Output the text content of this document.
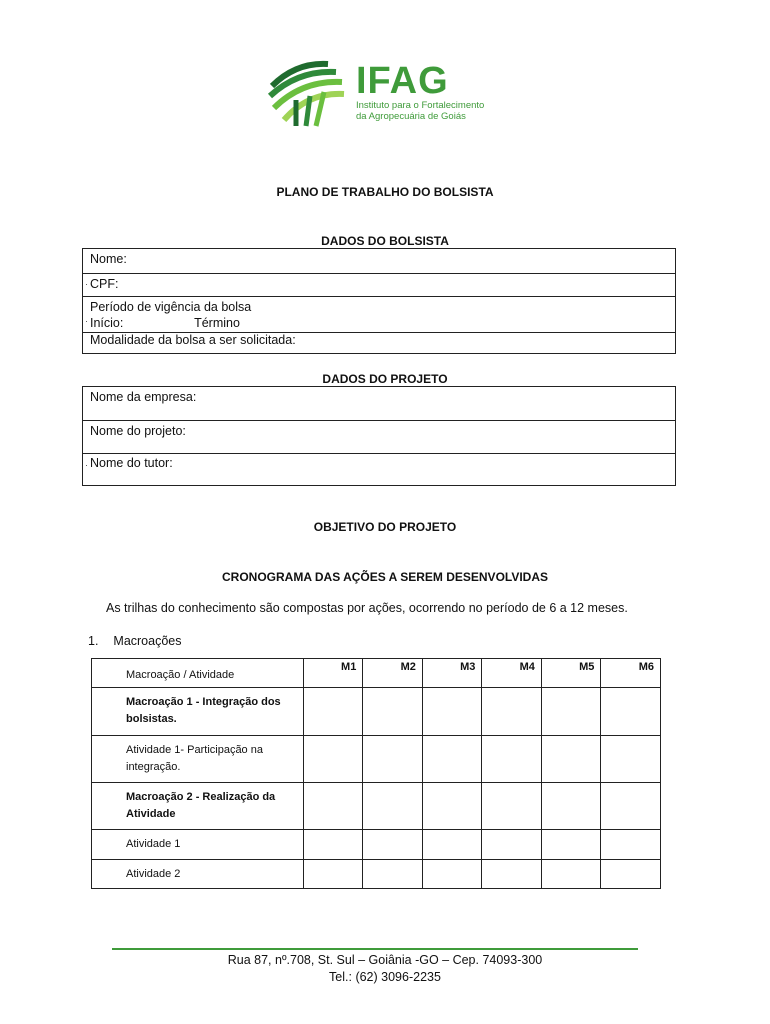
IFAG
Instituto para o Fortalecimento
da Agropecuária de Goiás
PLANO DE TRABALHO DO BOLSISTA
DADOS DO BOLSISTA
Nome:
· CPF:
Período de vigência da bolsa
· Início:	Término
Modalidade da bolsa a ser solicitada:
DADOS DO PROJETO
Nome da empresa:
Nome do projeto:
· Nome do tutor:
OBJETIVO DO PROJETO
CRONOGRAMA DAS AÇÕES A SEREM DESENVOLVIDAS
As trilhas do conhecimento são compostas por ações, ocorrendo no período de 6 a 12 meses.
1. Macroações
Macroação / Atividade	M1	M2	M3	M4	M5	M6
Macroação 1 - Integração dos bolsistas.						
Atividade 1- Participação na integração.						
Macroação 2 - Realização da Atividade						
Atividade 1						
Atividade 2						
Rua 87, nº.708, St. Sul – Goiânia -GO – Cep. 74093-300
Tel.: (62) 3096-2235
